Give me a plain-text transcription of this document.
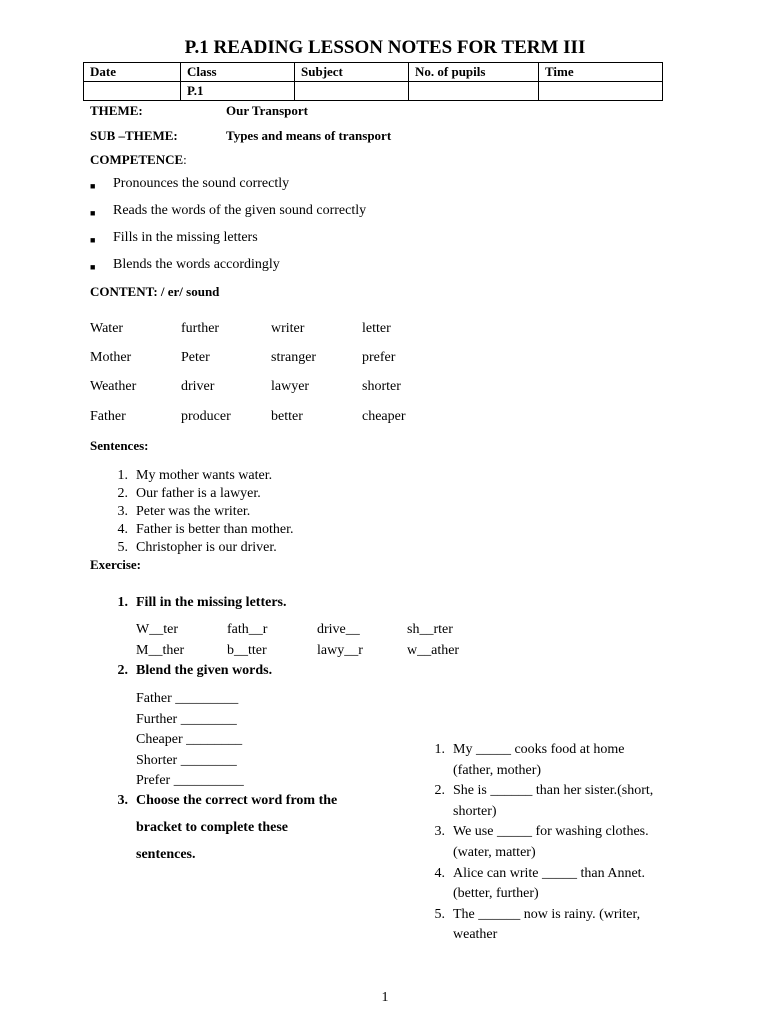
P.1 READING LESSON NOTES FOR TERM III
Date	Class	Subject	No. of pupils	Time
	P.1			
THEME:	Our Transport
SUB –THEME:	Types and means of transport
COMPETENCE:
■ Pronounces the sound correctly
■ Reads the words of the given sound correctly
■ Fills in the missing letters
■ Blends the words accordingly
CONTENT: / er/ sound
Water	further	writer	letter
Mother	Peter	stranger	prefer
Weather	driver	lawyer	shorter
Father	producer	better	cheaper
Sentences:
1. My mother wants water.
2. Our father is a lawyer.
3. Peter was the writer.
4. Father is better than mother.
5. Christopher is our driver.
Exercise:
1. Fill in the missing letters.
W__ter	fath__r	drive__	sh__rter
M__ther	b__tter	lawy__r	w__ather
2. Blend the given words.
Father _________
Further ________
Cheaper ________
Shorter ________
Prefer __________
3. Choose the correct word from the
bracket to complete these
sentences.
1. My _____ cooks food at home
(father, mother)
2. She is ______ than her sister.(short,
shorter)
3. We use _____ for washing clothes.
(water, matter)
4. Alice can write _____ than Annet.
(better, further)
5. The ______ now is rainy. (writer,
weather
1
